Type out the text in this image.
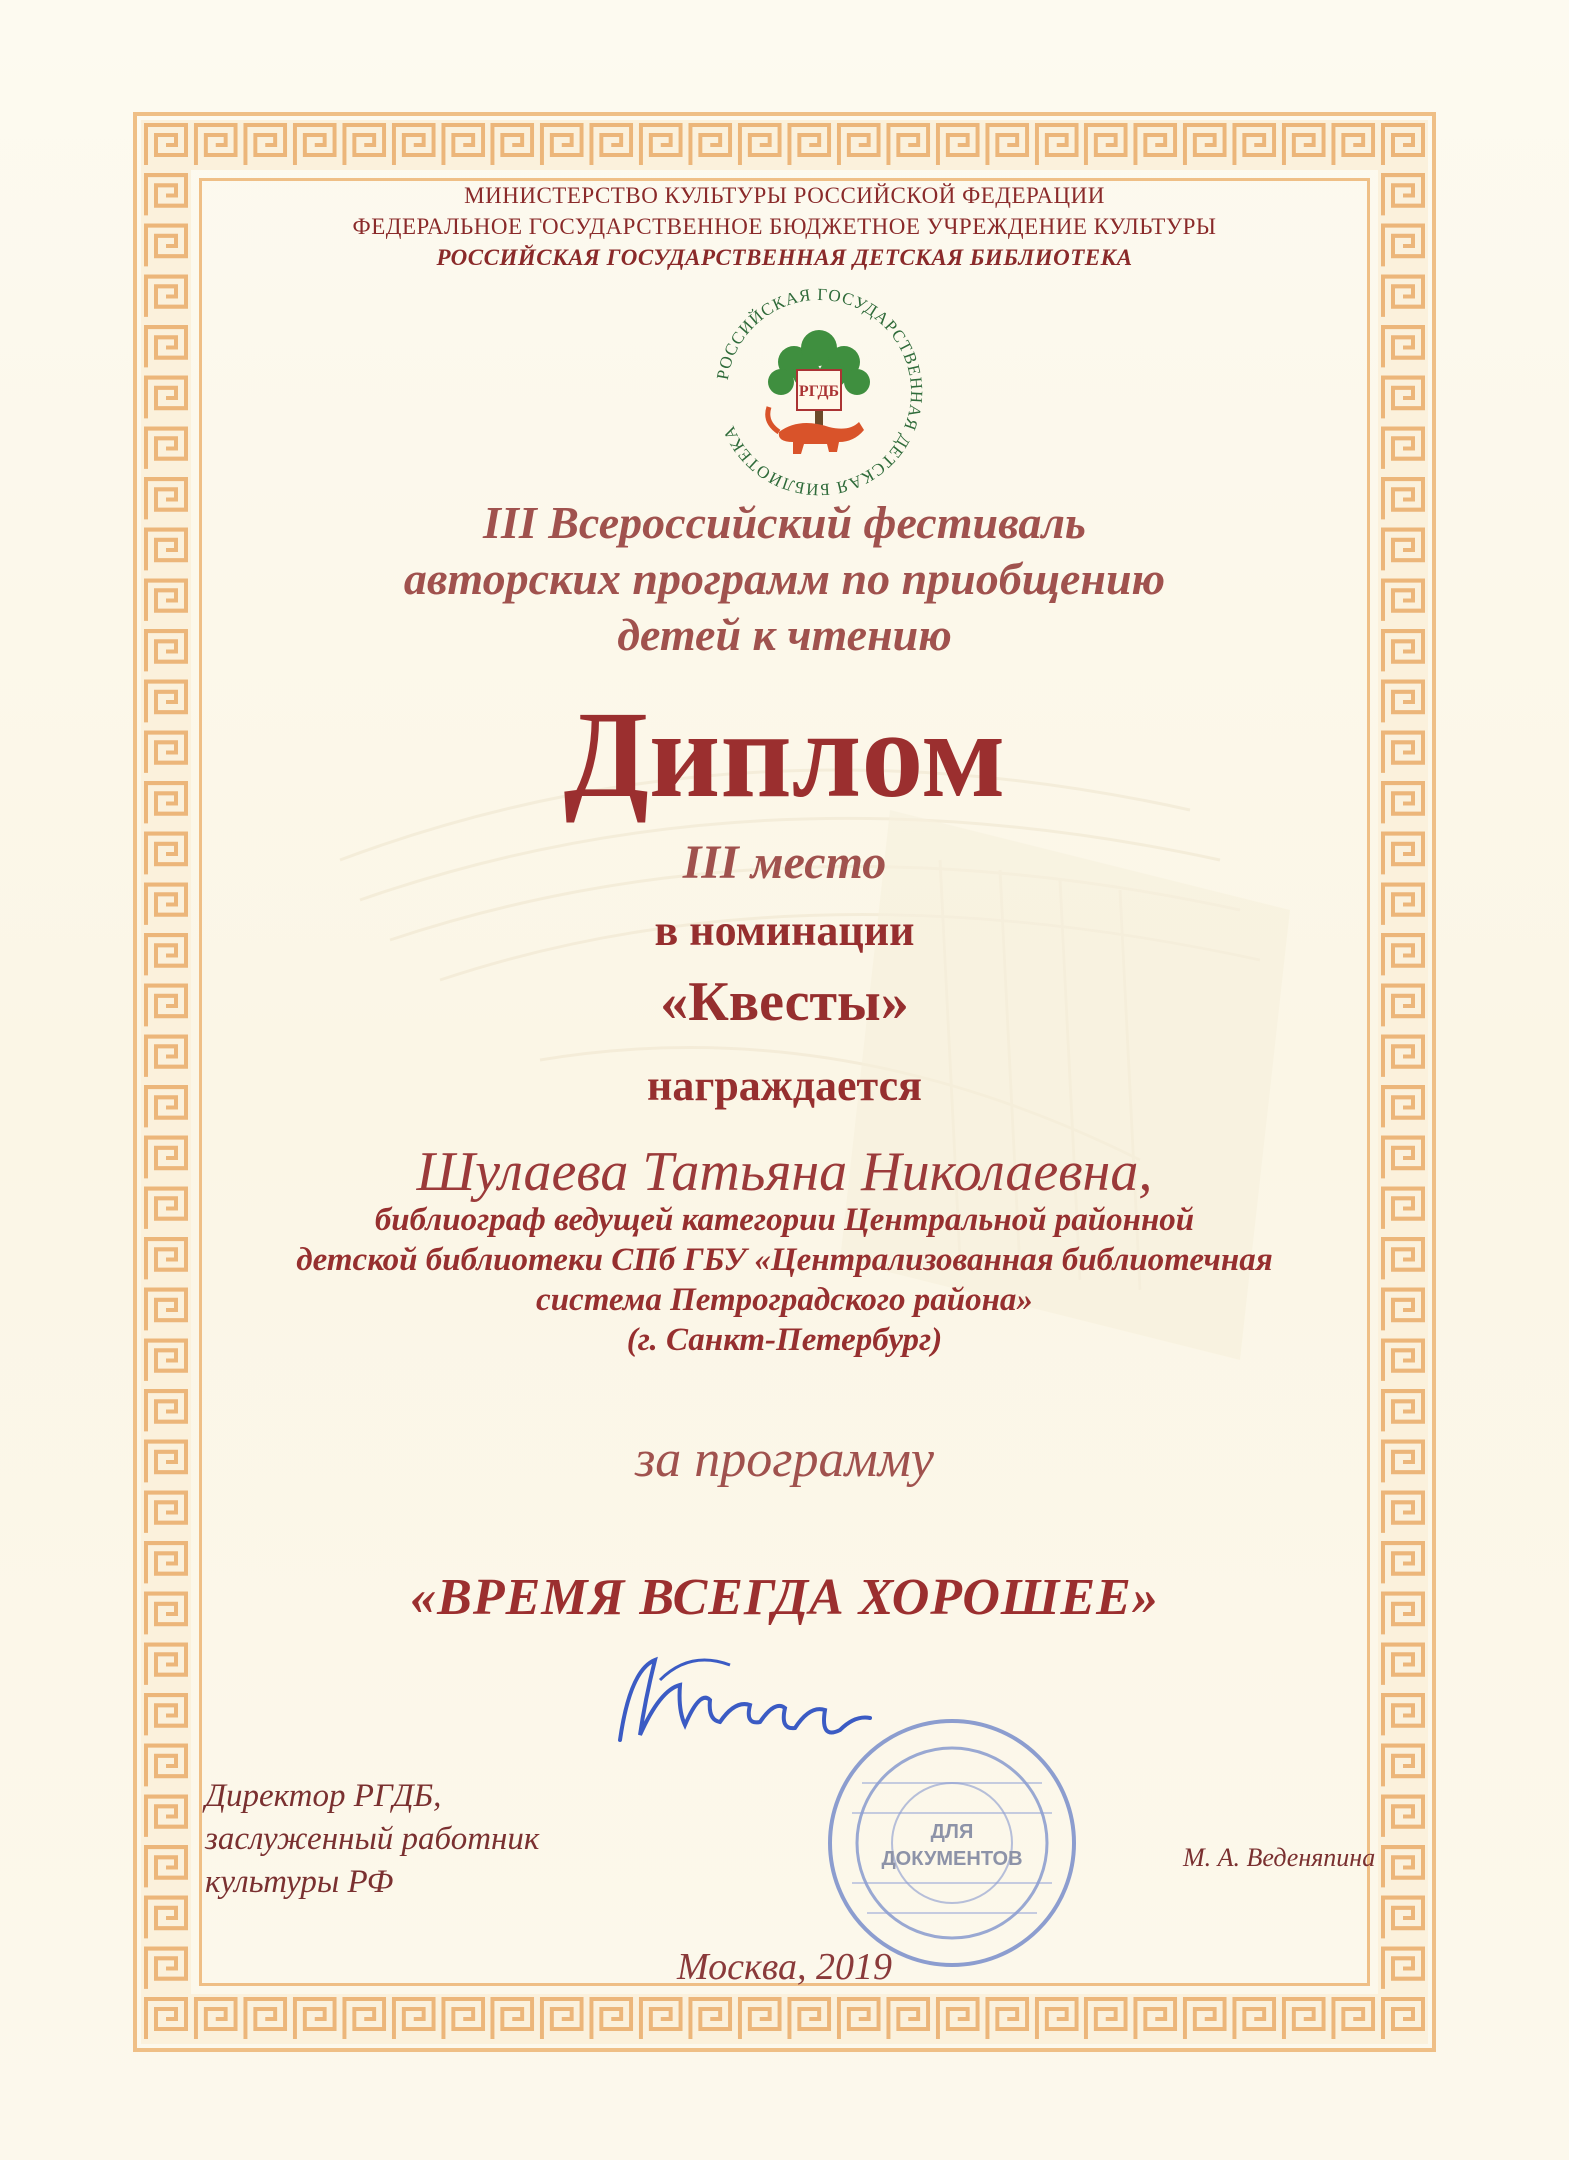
МИНИСТЕРСТВО КУЛЬТУРЫ РОССИЙСКОЙ ФЕДЕРАЦИИ
ФЕДЕРАЛЬНОЕ ГОСУДАРСТВЕННОЕ БЮДЖЕТНОЕ УЧРЕЖДЕНИЕ КУЛЬТУРЫ
РОССИЙСКАЯ ГОСУДАРСТВЕННАЯ ДЕТСКАЯ БИБЛИОТЕКА
РОССИЙСКАЯ ГОСУДАРСТВЕННАЯ ДЕТСКАЯ БИБЛИОТЕКА
РГДБ
III Всероссийский фестиваль
авторских программ по приобщению
детей к чтению
Диплом
III место
в номинации
«Квесты»
награждается
Шулаева Татьяна Николаевна,
библиограф ведущей категории Центральной районной
детской библиотеки СПб ГБУ «Централизованная библиотечная
система Петроградского района»
(г. Санкт-Петербург)
за программу
«ВРЕМЯ ВСЕГДА ХОРОШЕЕ»
Директор РГДБ,
заслуженный работник
культуры РФ
М. А. Веденяпина
ДЛЯ
ДОКУМЕНТОВ
Москва, 2019
